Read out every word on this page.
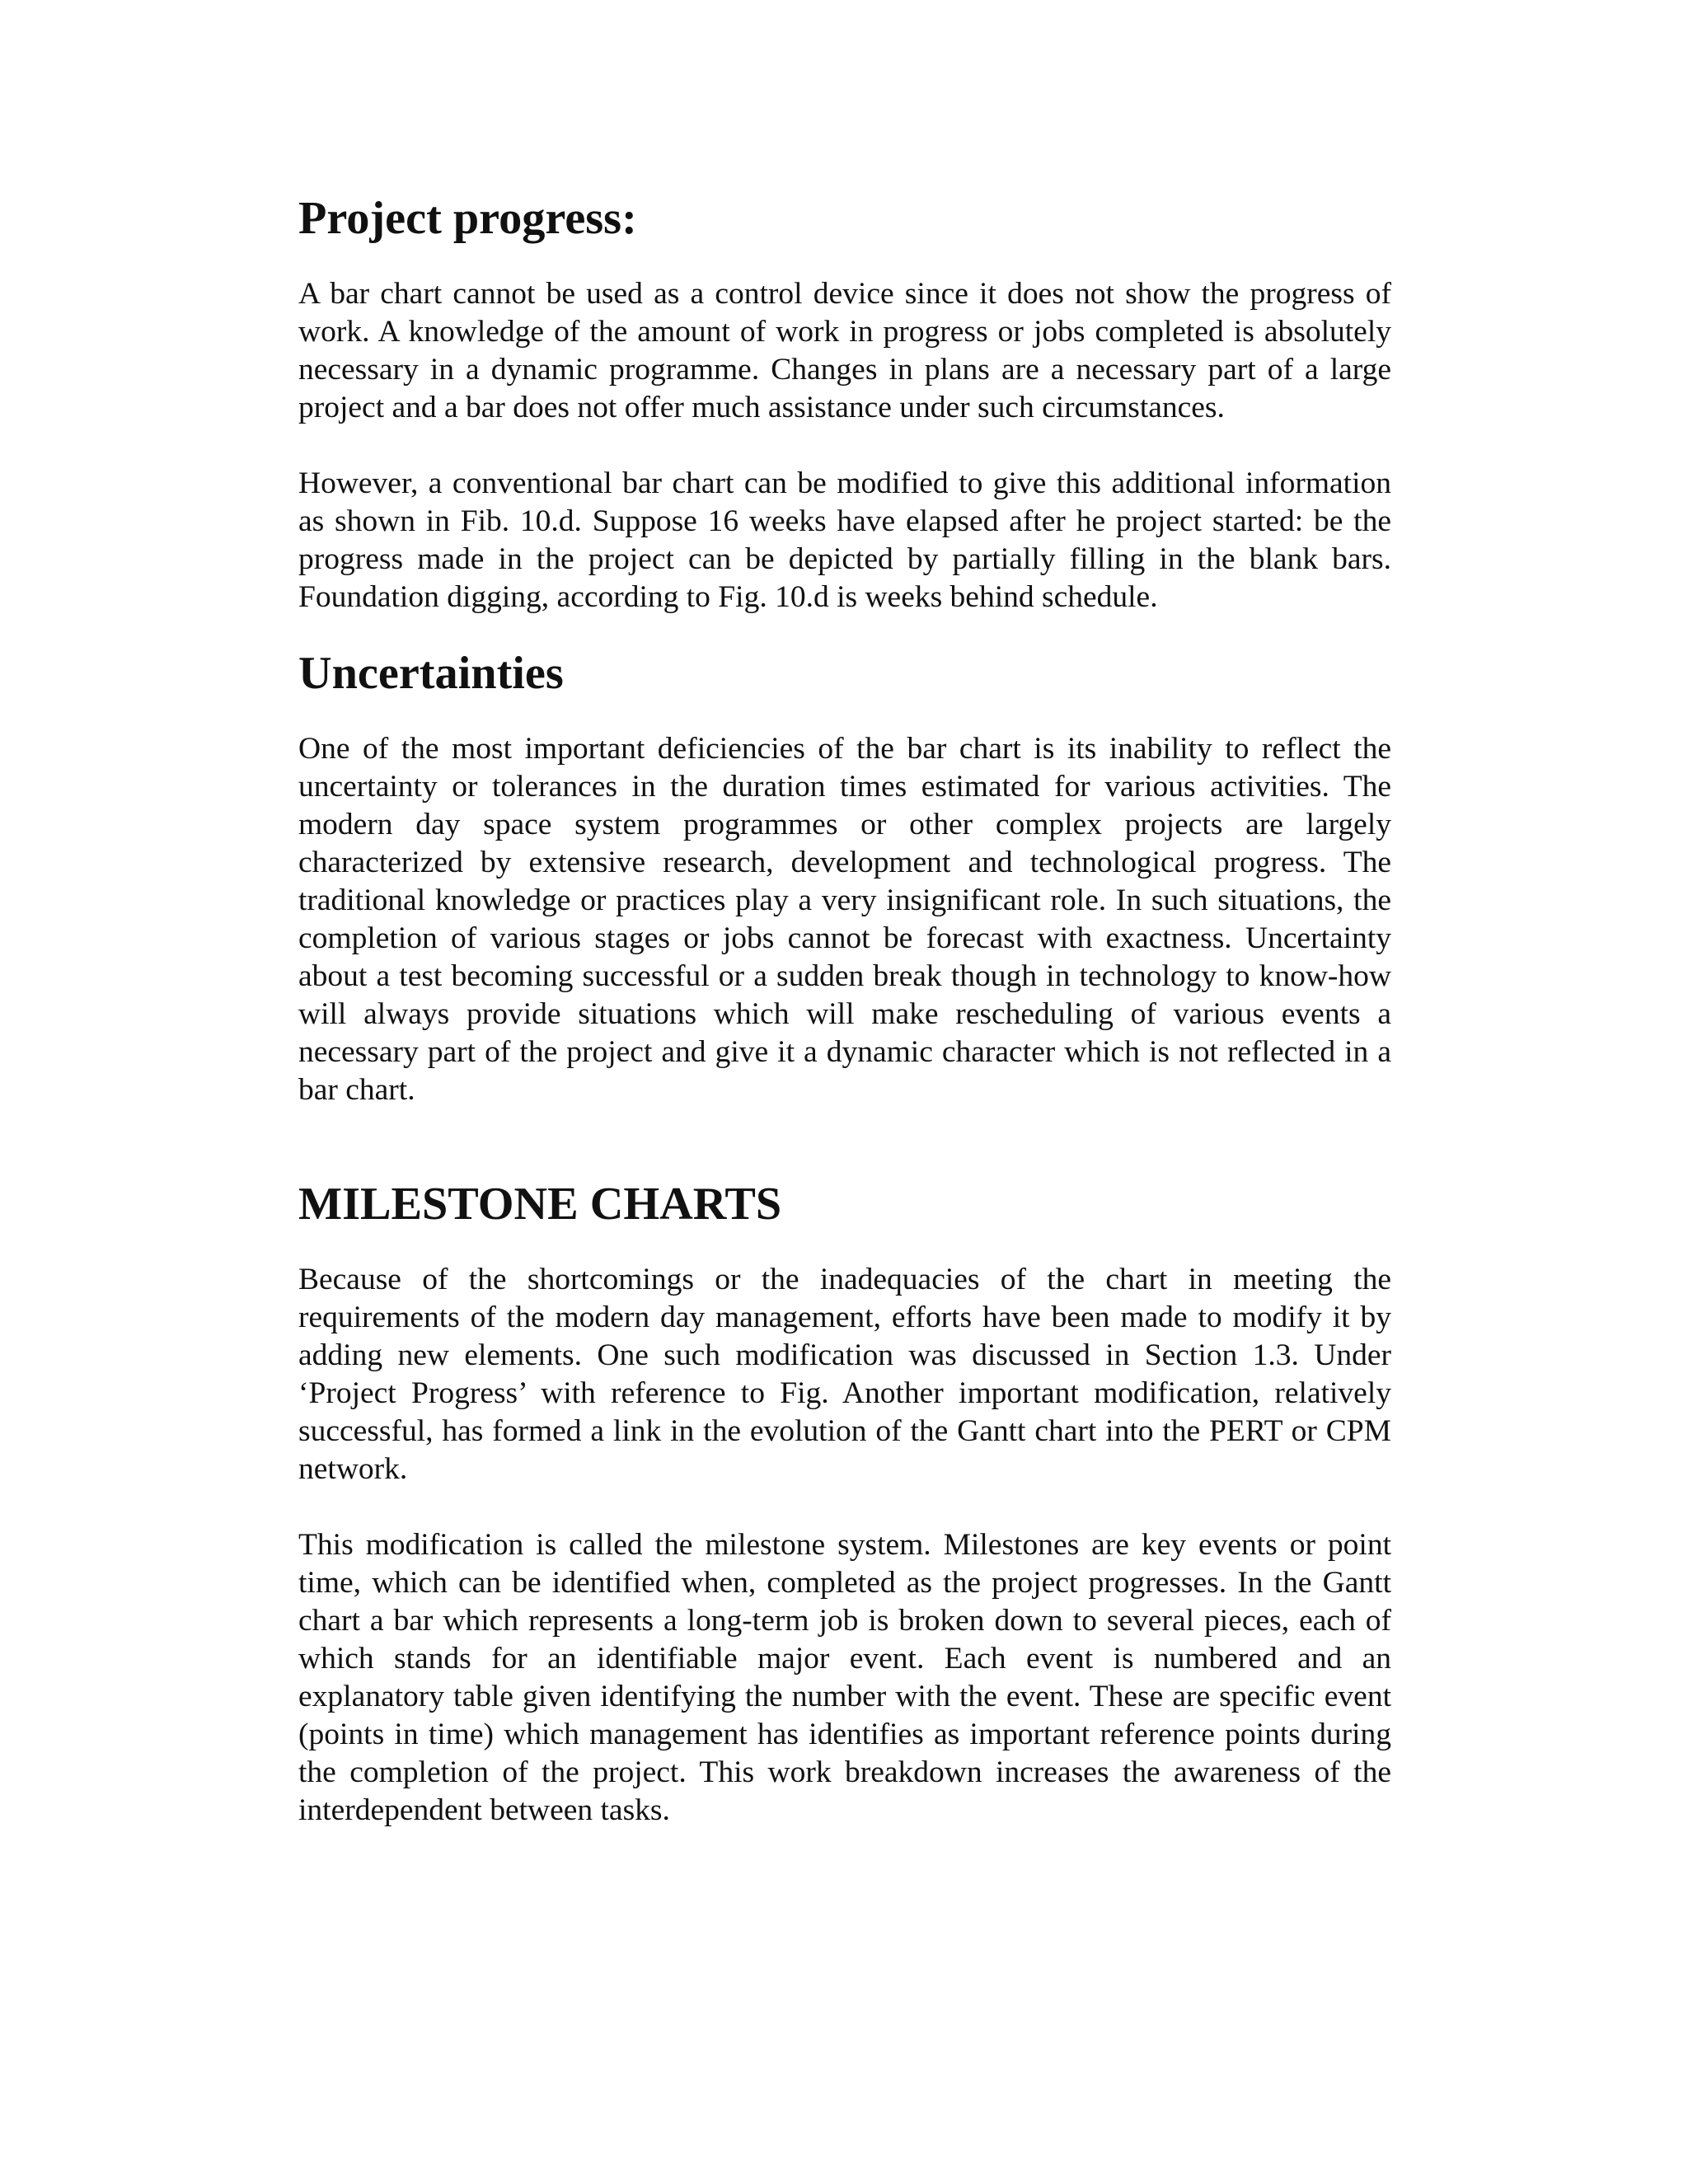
Project progress:

A bar chart cannot be used as a control device since it does not show the progress of work. A knowledge of the amount of work in progress or jobs completed is absolutely necessary in a dynamic programme. Changes in plans are a necessary part of a large project and a bar does not offer much assistance under such circumstances.

However, a conventional bar chart can be modified to give this additional information as shown in Fib. 10.d. Suppose 16 weeks have elapsed after he project started: be the progress made in the project can be depicted by partially filling in the blank bars. Foundation digging, according to Fig. 10.d is weeks behind schedule.

Uncertainties

One of the most important deficiencies of the bar chart is its inability to reflect the uncertainty or tolerances in the duration times estimated for various activities. The modern day space system programmes or other complex projects are largely characterized by extensive research, development and technological progress. The traditional knowledge or practices play a very insignificant role. In such situations, the completion of various stages or jobs cannot be forecast with exactness. Uncertainty about a test becoming successful or a sudden break though in technology to know-how will always provide situations which will make rescheduling of various events a necessary part of the project and give it a dynamic character which is not reflected in a bar chart.

MILESTONE CHARTS

Because of the shortcomings or the inadequacies of the chart in meeting the requirements of the modern day management, efforts have been made to modify it by adding new elements. One such modification was discussed in Section 1.3. Under ‘Project Progress’ with reference to Fig. Another important modification, relatively successful, has formed a link in the evolution of the Gantt chart into the PERT or CPM network.

This modification is called the milestone system. Milestones are key events or point time, which can be identified when, completed as the project progresses. In the Gantt chart a bar which represents a long-term job is broken down to several pieces, each of which stands for an identifiable major event. Each event is numbered and an explanatory table given identifying the number with the event. These are specific event (points in time) which management has identifies as important reference points during the completion of the project. This work breakdown increases the awareness of the interdependent between tasks.
